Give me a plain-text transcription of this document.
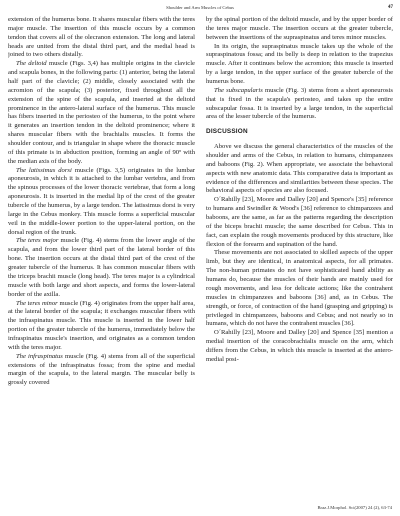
Shoulder and Arm Muscles of Cebus	47

extension of the humerus bone. It shares muscular fibers with the teres major muscle. The insertion of this muscle occurs by a common tendon that covers all of the olecranon extension. The long and lateral heads are united from the distal third part, and the medial head is joined to two others distally.

The deltoid muscle (Figs. 3,4) has multiple origins in the clavicle and scapula bones, in the following parts: (1) anterior, being the lateral half part of the clavicle; (2) middle, closely associated with the acromion of the scapula; (3) posterior, fixed throughout all the extension of the spine of the scapula, and inserted at the deltoid prominence in the antero-lateral surface of the humerus. This muscle has fibers inserted in the periosteo of the humerus, to the point where it generates an insertion tendon in the deltoid prominence; where it shares muscular fibers with the brachialis muscles. It forms the shoulder contour, and is triangular in shape where the thoracic muscle of this primate is in abduction position, forming an angle of 90º with the median axis of the body.

The latissimus dorsi muscle (Figs. 3,5) originates in the lumbar aponeurosis, in which it is attached to the lumbar vertebra, and from the spinous processes of the lower thoracic vertebrae, that form a long aponeurosis. It is inserted in the medial lip of the crest of the greater tubercle of the humerus, by a large tendon. The latissimus dorsi is very large in the Cebus monkey. This muscle forms a superficial muscular veil in the middle-lower portion to the upper-lateral portion, on the dorsal region of the trunk.

The teres major muscle (Fig. 4) stems from the lower angle of the scapula, and from the lower third part of the lateral border of this bone. The insertion occurs at the distal third part of the crest of the greater tubercle of the humerus. It has common muscular fibers with the triceps brachii muscle (long head). The teres major is a cylindrical muscle with both large and short aspects, and forms the lower-lateral border of the axilla.

The teres minor muscle (Fig. 4) originates from the upper half area, at the lateral border of the scapula; it exchanges muscular fibers with the infraspinatus muscle. This muscle is inserted in the lower half portion of the greater tubercle of the humerus, immediately below the infraspinatus muscle's insertion, and originates as a common tendon with the teres major.

The infraspinatus muscle (Fig. 4) stems from all of the superficial extensions of the infraspinatus fossa; from the spine and medial margin of the scapula, to the lateral margin. The muscular belly is grossly covered

by the spinal portion of the deltoid muscle, and by the upper border of the teres major muscle. The insertion occurs at the greater tubercle, between the insertions of the supraspinatus and teres minor muscles.

In its origin, the supraspinatus muscle takes up the whole of the supraspinatous fossa; and its belly is deep in relation to the trapezius muscle. After it continues below the acromion; this muscle is inserted by a large tendon, in the upper surface of the greater tubercle of the humerus bone.

The subscapularis muscle (Fig. 3) stems from a short aponeurosis that is fixed in the scapula's periosteo, and takes up the entire subscapular fossa. It is inserted by a large tendon, in the superficial area of the lesser tubercle of the humerus.

DISCUSSION

Above we discuss the general characteristics of the muscles of the shoulder and arms of the Cebus, in relation to humans, chimpanzees and baboons (Fig. 2). When appropriate, we associate the behavioral aspects with new anatomic data. This comparative data is important as evidence of the differences and similarities between these species. The behavioral aspects of species are also focused.

O´Rahilly [23], Moore and Dalley [20] and Spence's [35] reference to humans and Swindler & Wood's [36] reference to chimpanzees and baboons, are the same, as far as the patterns regarding the description of the biceps brachii muscle; the same described for Cebus. This in fact, can explain the rough movements produced by this structure, like flexion of the forearm and supination of the hand.

These movements are not associated to skilled aspects of the upper limb, but they are identical, in anatomical aspects, for all primates. The non-human primates do not have sophisticated hand ability as humans do, because the muscles of their hands are mainly used for rough movements, and less for delicate actions; like the contrahent muscles in chimpanzees and baboons [36] and, as in Cebus. The strength, or force, of contraction of the hand (grasping and gripping) is privileged in chimpanzees, baboons and Cebus; and not nearly so in humans, which do not have the contrahent muscles [36].

O´Rahilly [23], Moore and Dalley [20] and Spence [35] mention a medial insertion of the coracobrachialis muscle on the arm, which differs from the Cebus, in which this muscle is inserted at the antero-medial posi-

Braz.J.Morphol. Sci(2007) 24 (2), 63-74
